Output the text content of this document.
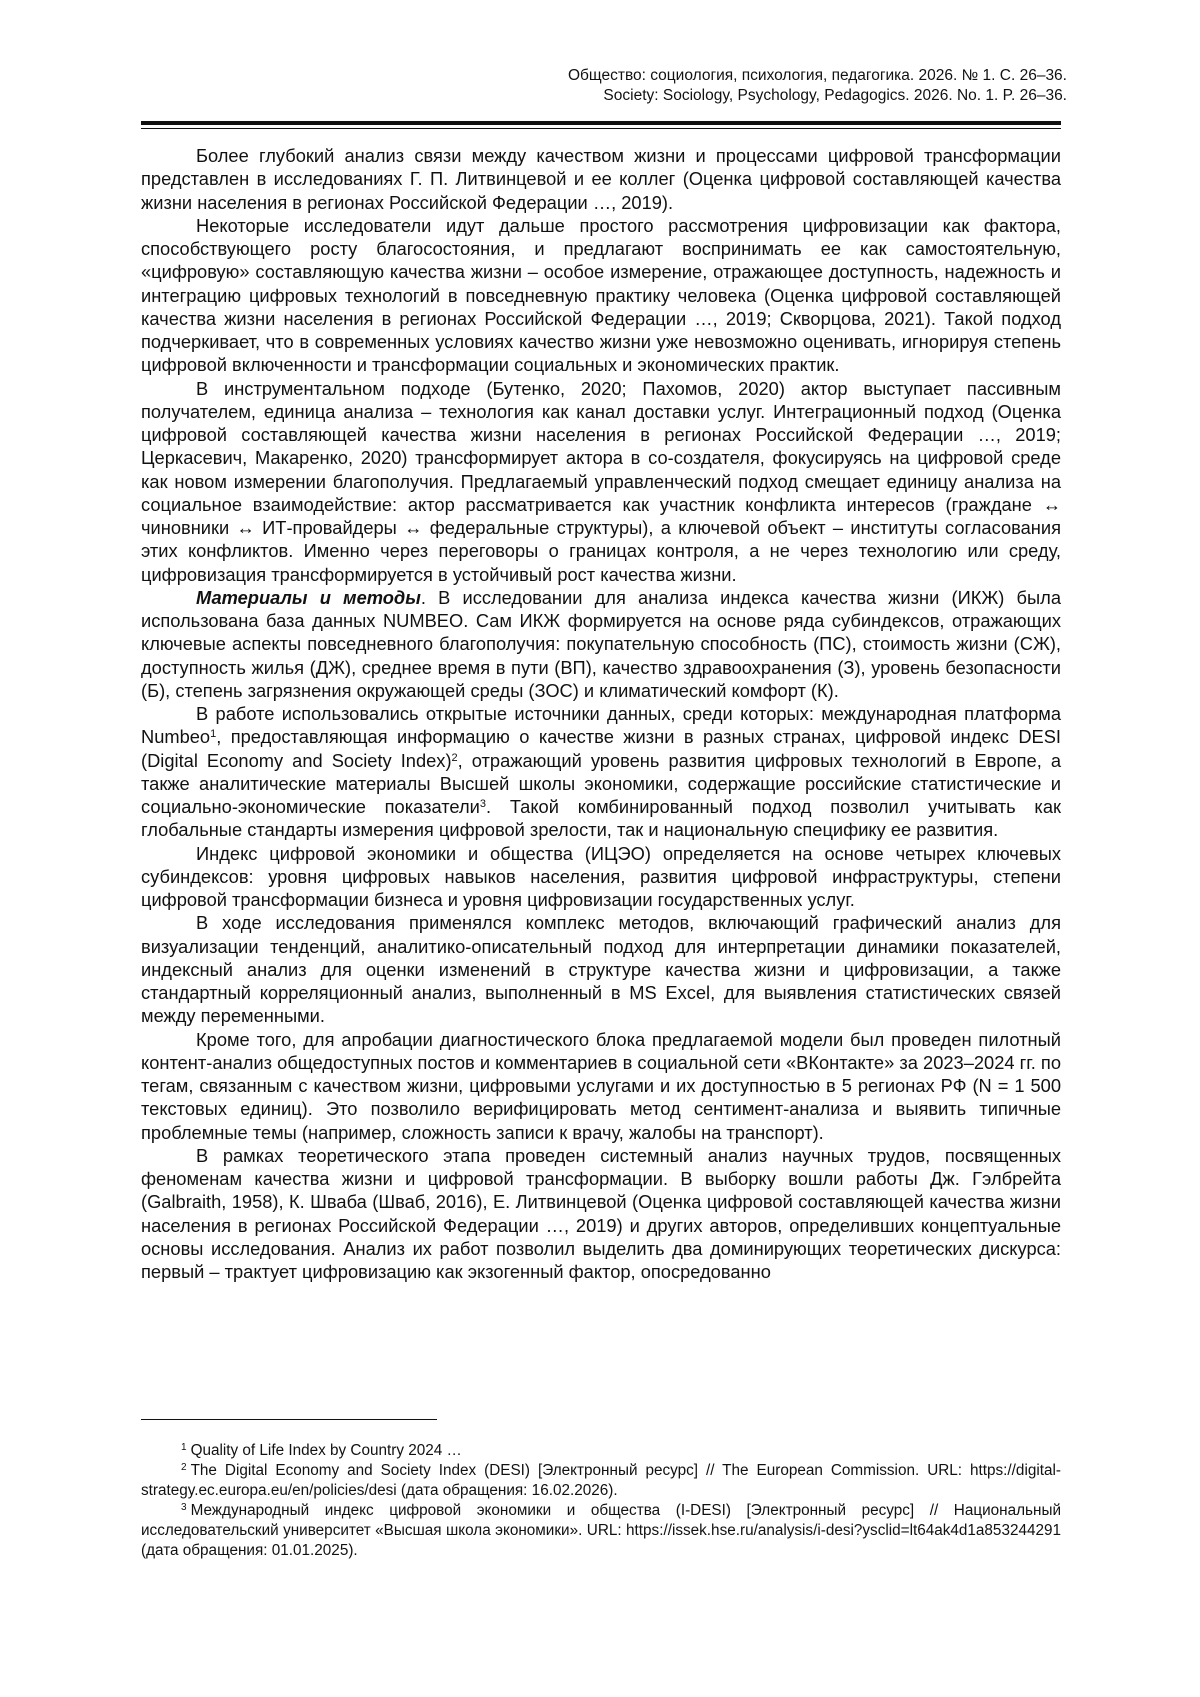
Общество: социология, психология, педагогика. 2026. № 1. С. 26–36.
Society: Sociology, Psychology, Pedagogics. 2026. No. 1. P. 26–36.

Более глубокий анализ связи между качеством жизни и процессами цифровой трансформации представлен в исследованиях Г. П. Литвинцевой и ее коллег (Оценка цифровой составляющей качества жизни населения в регионах Российской Федерации …, 2019).

Некоторые исследователи идут дальше простого рассмотрения цифровизации как фактора, способствующего росту благосостояния, и предлагают воспринимать ее как самостоятельную, «цифровую» составляющую качества жизни – особое измерение, отражающее доступность, надежность и интеграцию цифровых технологий в повседневную практику человека (Оценка цифровой составляющей качества жизни населения в регионах Российской Федерации …, 2019; Скворцова, 2021). Такой подход подчеркивает, что в современных условиях качество жизни уже невозможно оценивать, игнорируя степень цифровой включенности и трансформации социальных и экономических практик.

В инструментальном подходе (Бутенко, 2020; Пахомов, 2020) актор выступает пассивным получателем, единица анализа – технология как канал доставки услуг. Интеграционный подход (Оценка цифровой составляющей качества жизни населения в регионах Российской Федерации …, 2019; Церкасевич, Макаренко, 2020) трансформирует актора в со-создателя, фокусируясь на цифровой среде как новом измерении благополучия. Предлагаемый управленческий подход смещает единицу анализа на социальное взаимодействие: актор рассматривается как участник конфликта интересов (граждане ↔ чиновники ↔ ИТ-провайдеры ↔ федеральные структуры), а ключевой объект – институты согласования этих конфликтов. Именно через переговоры о границах контроля, а не через технологию или среду, цифровизация трансформируется в устойчивый рост качества жизни.

Материалы и методы. В исследовании для анализа индекса качества жизни (ИКЖ) была использована база данных NUMBEO. Сам ИКЖ формируется на основе ряда субиндексов, отражающих ключевые аспекты повседневного благополучия: покупательную способность (ПС), стоимость жизни (СЖ), доступность жилья (ДЖ), среднее время в пути (ВП), качество здравоохранения (З), уровень безопасности (Б), степень загрязнения окружающей среды (ЗОС) и климатический комфорт (К).

В работе использовались открытые источники данных, среди которых: международная платформа Numbeo$^1$, предоставляющая информацию о качестве жизни в разных странах, цифровой индекс DESI (Digital Economy and Society Index)$^2$, отражающий уровень развития цифровых технологий в Европе, а также аналитические материалы Высшей школы экономики, содержащие российские статистические и социально-экономические показатели$^3$. Такой комбинированный подход позволил учитывать как глобальные стандарты измерения цифровой зрелости, так и национальную специфику ее развития.

Индекс цифровой экономики и общества (ИЦЭО) определяется на основе четырех ключевых субиндексов: уровня цифровых навыков населения, развития цифровой инфраструктуры, степени цифровой трансформации бизнеса и уровня цифровизации государственных услуг.

В ходе исследования применялся комплекс методов, включающий графический анализ для визуализации тенденций, аналитико-описательный подход для интерпретации динамики показателей, индексный анализ для оценки изменений в структуре качества жизни и цифровизации, а также стандартный корреляционный анализ, выполненный в MS Excel, для выявления статистических связей между переменными.

Кроме того, для апробации диагностического блока предлагаемой модели был проведен пилотный контент-анализ общедоступных постов и комментариев в социальной сети «ВКонтакте» за 2023–2024 гг. по тегам, связанным с качеством жизни, цифровыми услугами и их доступностью в 5 регионах РФ (N = 1 500 текстовых единиц). Это позволило верифицировать метод сентимент-анализа и выявить типичные проблемные темы (например, сложность записи к врачу, жалобы на транспорт).

В рамках теоретического этапа проведен системный анализ научных трудов, посвященных феноменам качества жизни и цифровой трансформации. В выборку вошли работы Дж. Гэлбрейта (Galbraith, 1958), К. Шваба (Шваб, 2016), Е. Литвинцевой (Оценка цифровой составляющей качества жизни населения в регионах Российской Федерации …, 2019) и других авторов, определивших концептуальные основы исследования. Анализ их работ позволил выделить два доминирующих теоретических дискурса: первый – трактует цифровизацию как экзогенный фактор, опосредованно

$^1$ Quality of Life Index by Country 2024 …

$^2$ The Digital Economy and Society Index (DESI) [Электронный ресурс] // The European Commission. URL: https://digital-strategy.ec.europa.eu/en/policies/desi (дата обращения: 16.02.2026).

$^3$ Международный индекс цифровой экономики и общества (I-DESI) [Электронный ресурс] // Национальный исследовательский университет «Высшая школа экономики». URL: https://issek.hse.ru/analysis/i-desi?ysclid=lt64ak4d1a853244291 (дата обращения: 01.01.2025).
